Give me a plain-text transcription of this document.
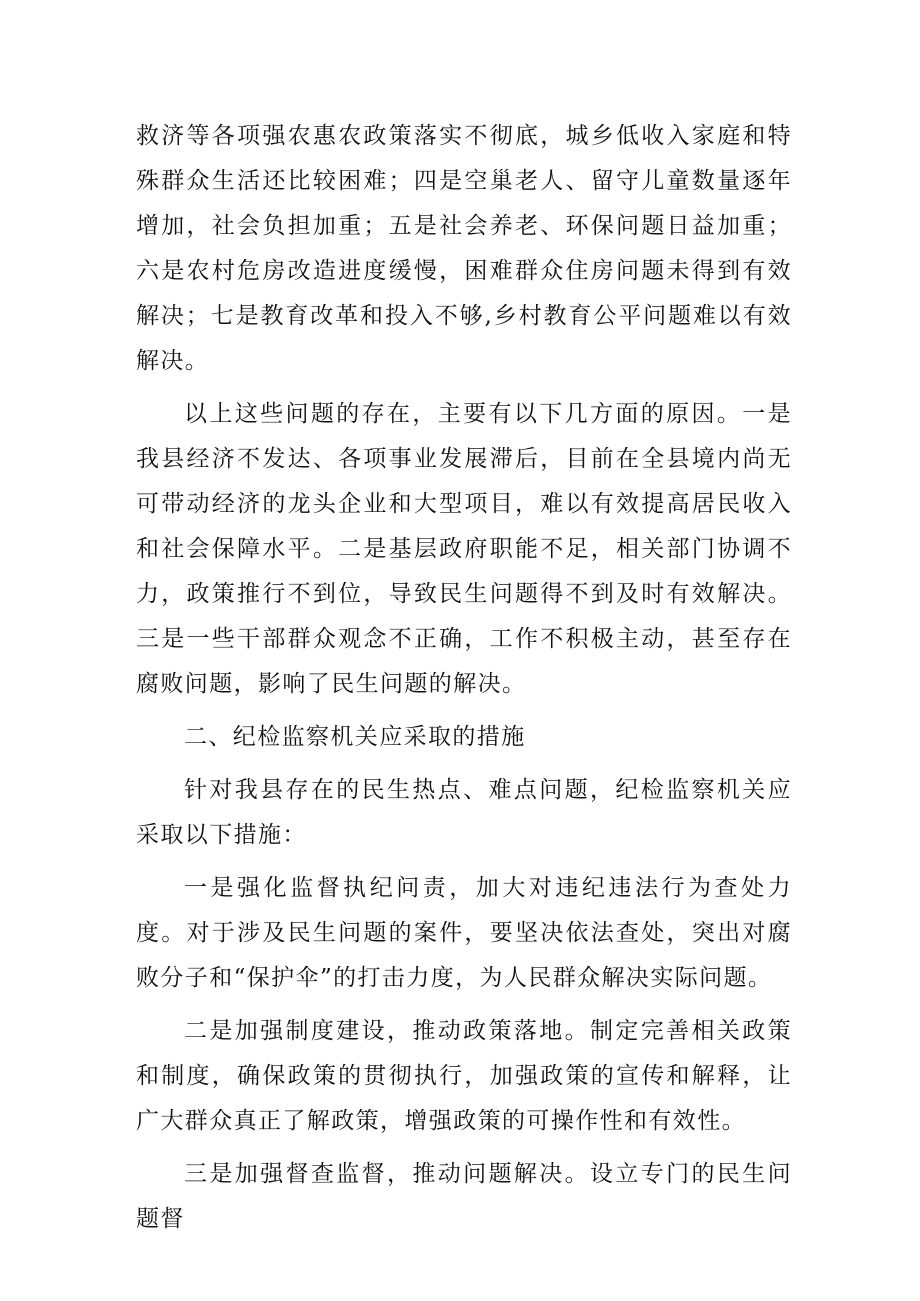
救济等各项强农惠农政策落实不彻底，城乡低收入家庭和特殊群众生活还比较困难；四是空巢老人、留守儿童数量逐年增加，社会负担加重；五是社会养老、环保问题日益加重；六是农村危房改造进度缓慢，困难群众住房问题未得到有效解决；七是教育改革和投入不够,乡村教育公平问题难以有效解决。

以上这些问题的存在，主要有以下几方面的原因。一是我县经济不发达、各项事业发展滞后，目前在全县境内尚无可带动经济的龙头企业和大型项目，难以有效提高居民收入和社会保障水平。二是基层政府职能不足，相关部门协调不力，政策推行不到位，导致民生问题得不到及时有效解决。三是一些干部群众观念不正确，工作不积极主动，甚至存在腐败问题，影响了民生问题的解决。

二、纪检监察机关应采取的措施

针对我县存在的民生热点、难点问题，纪检监察机关应采取以下措施：

一是强化监督执纪问责，加大对违纪违法行为查处力度。对于涉及民生问题的案件，要坚决依法查处，突出对腐败分子和“保护伞”的打击力度，为人民群众解决实际问题。

二是加强制度建设，推动政策落地。制定完善相关政策和制度，确保政策的贯彻执行，加强政策的宣传和解释，让广大群众真正了解政策，增强政策的可操作性和有效性。

三是加强督查监督，推动问题解决。设立专门的民生问题督
